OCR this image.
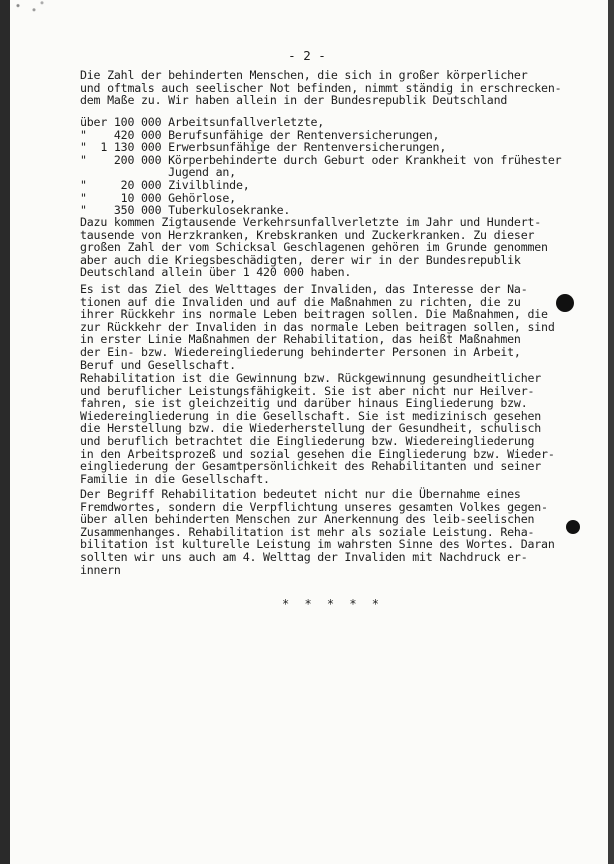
- 2 -
Die Zahl der behinderten Menschen, die sich in großer körperlicher
und oftmals auch seelischer Not befinden, nimmt ständig in erschrecken-
dem Maße zu. Wir haben allein in der Bundesrepublik Deutschland
über 100 000 Arbeitsunfallverletzte,
"    420 000 Berufsunfähige der Rentenversicherungen,
"  1 130 000 Erwerbsunfähige der Rentenversicherungen,
"    200 000 Körperbehinderte durch Geburt oder Krankheit von frühester
Jugend an,
"     20 000 Zivilblinde,
"     10 000 Gehörlose,
"    350 000 Tuberkulosekranke.
Dazu kommen Zigtausende Verkehrsunfallverletzte im Jahr und Hundert-
tausende von Herzkranken, Krebskranken und Zuckerkranken. Zu dieser
großen Zahl der vom Schicksal Geschlagenen gehören im Grunde genommen
aber auch die Kriegsbeschädigten, derer wir in der Bundesrepublik
Deutschland allein über 1 420 000 haben.
Es ist das Ziel des Welttages der Invaliden, das Interesse der Na-
tionen auf die Invaliden und auf die Maßnahmen zu richten, die zu
ihrer Rückkehr ins normale Leben beitragen sollen. Die Maßnahmen, die
zur Rückkehr der Invaliden in das normale Leben beitragen sollen, sind
in erster Linie Maßnahmen der Rehabilitation, das heißt Maßnahmen
der Ein- bzw. Wiedereingliederung behinderter Personen in Arbeit,
Beruf und Gesellschaft.
Rehabilitation ist die Gewinnung bzw. Rückgewinnung gesundheitlicher
und beruflicher Leistungsfähigkeit. Sie ist aber nicht nur Heilver-
fahren, sie ist gleichzeitig und darüber hinaus Eingliederung bzw.
Wiedereingliederung in die Gesellschaft. Sie ist medizinisch gesehen
die Herstellung bzw. die Wiederherstellung der Gesundheit, schulisch
und beruflich betrachtet die Eingliederung bzw. Wiedereingliederung
in den Arbeitsprozeß und sozial gesehen die Eingliederung bzw. Wieder-
eingliederung der Gesamtpersönlichkeit des Rehabilitanten und seiner
Familie in die Gesellschaft.
Der Begriff Rehabilitation bedeutet nicht nur die Übernahme eines
Fremdwortes, sondern die Verpflichtung unseres gesamten Volkes gegen-
über allen behinderten Menschen zur Anerkennung des leib-seelischen
Zusammenhanges. Rehabilitation ist mehr als soziale Leistung. Reha-
bilitation ist kulturelle Leistung im wahrsten Sinne des Wortes. Daran
sollten wir uns auch am 4. Welttag der Invaliden mit Nachdruck er-
innern
* * * * *
